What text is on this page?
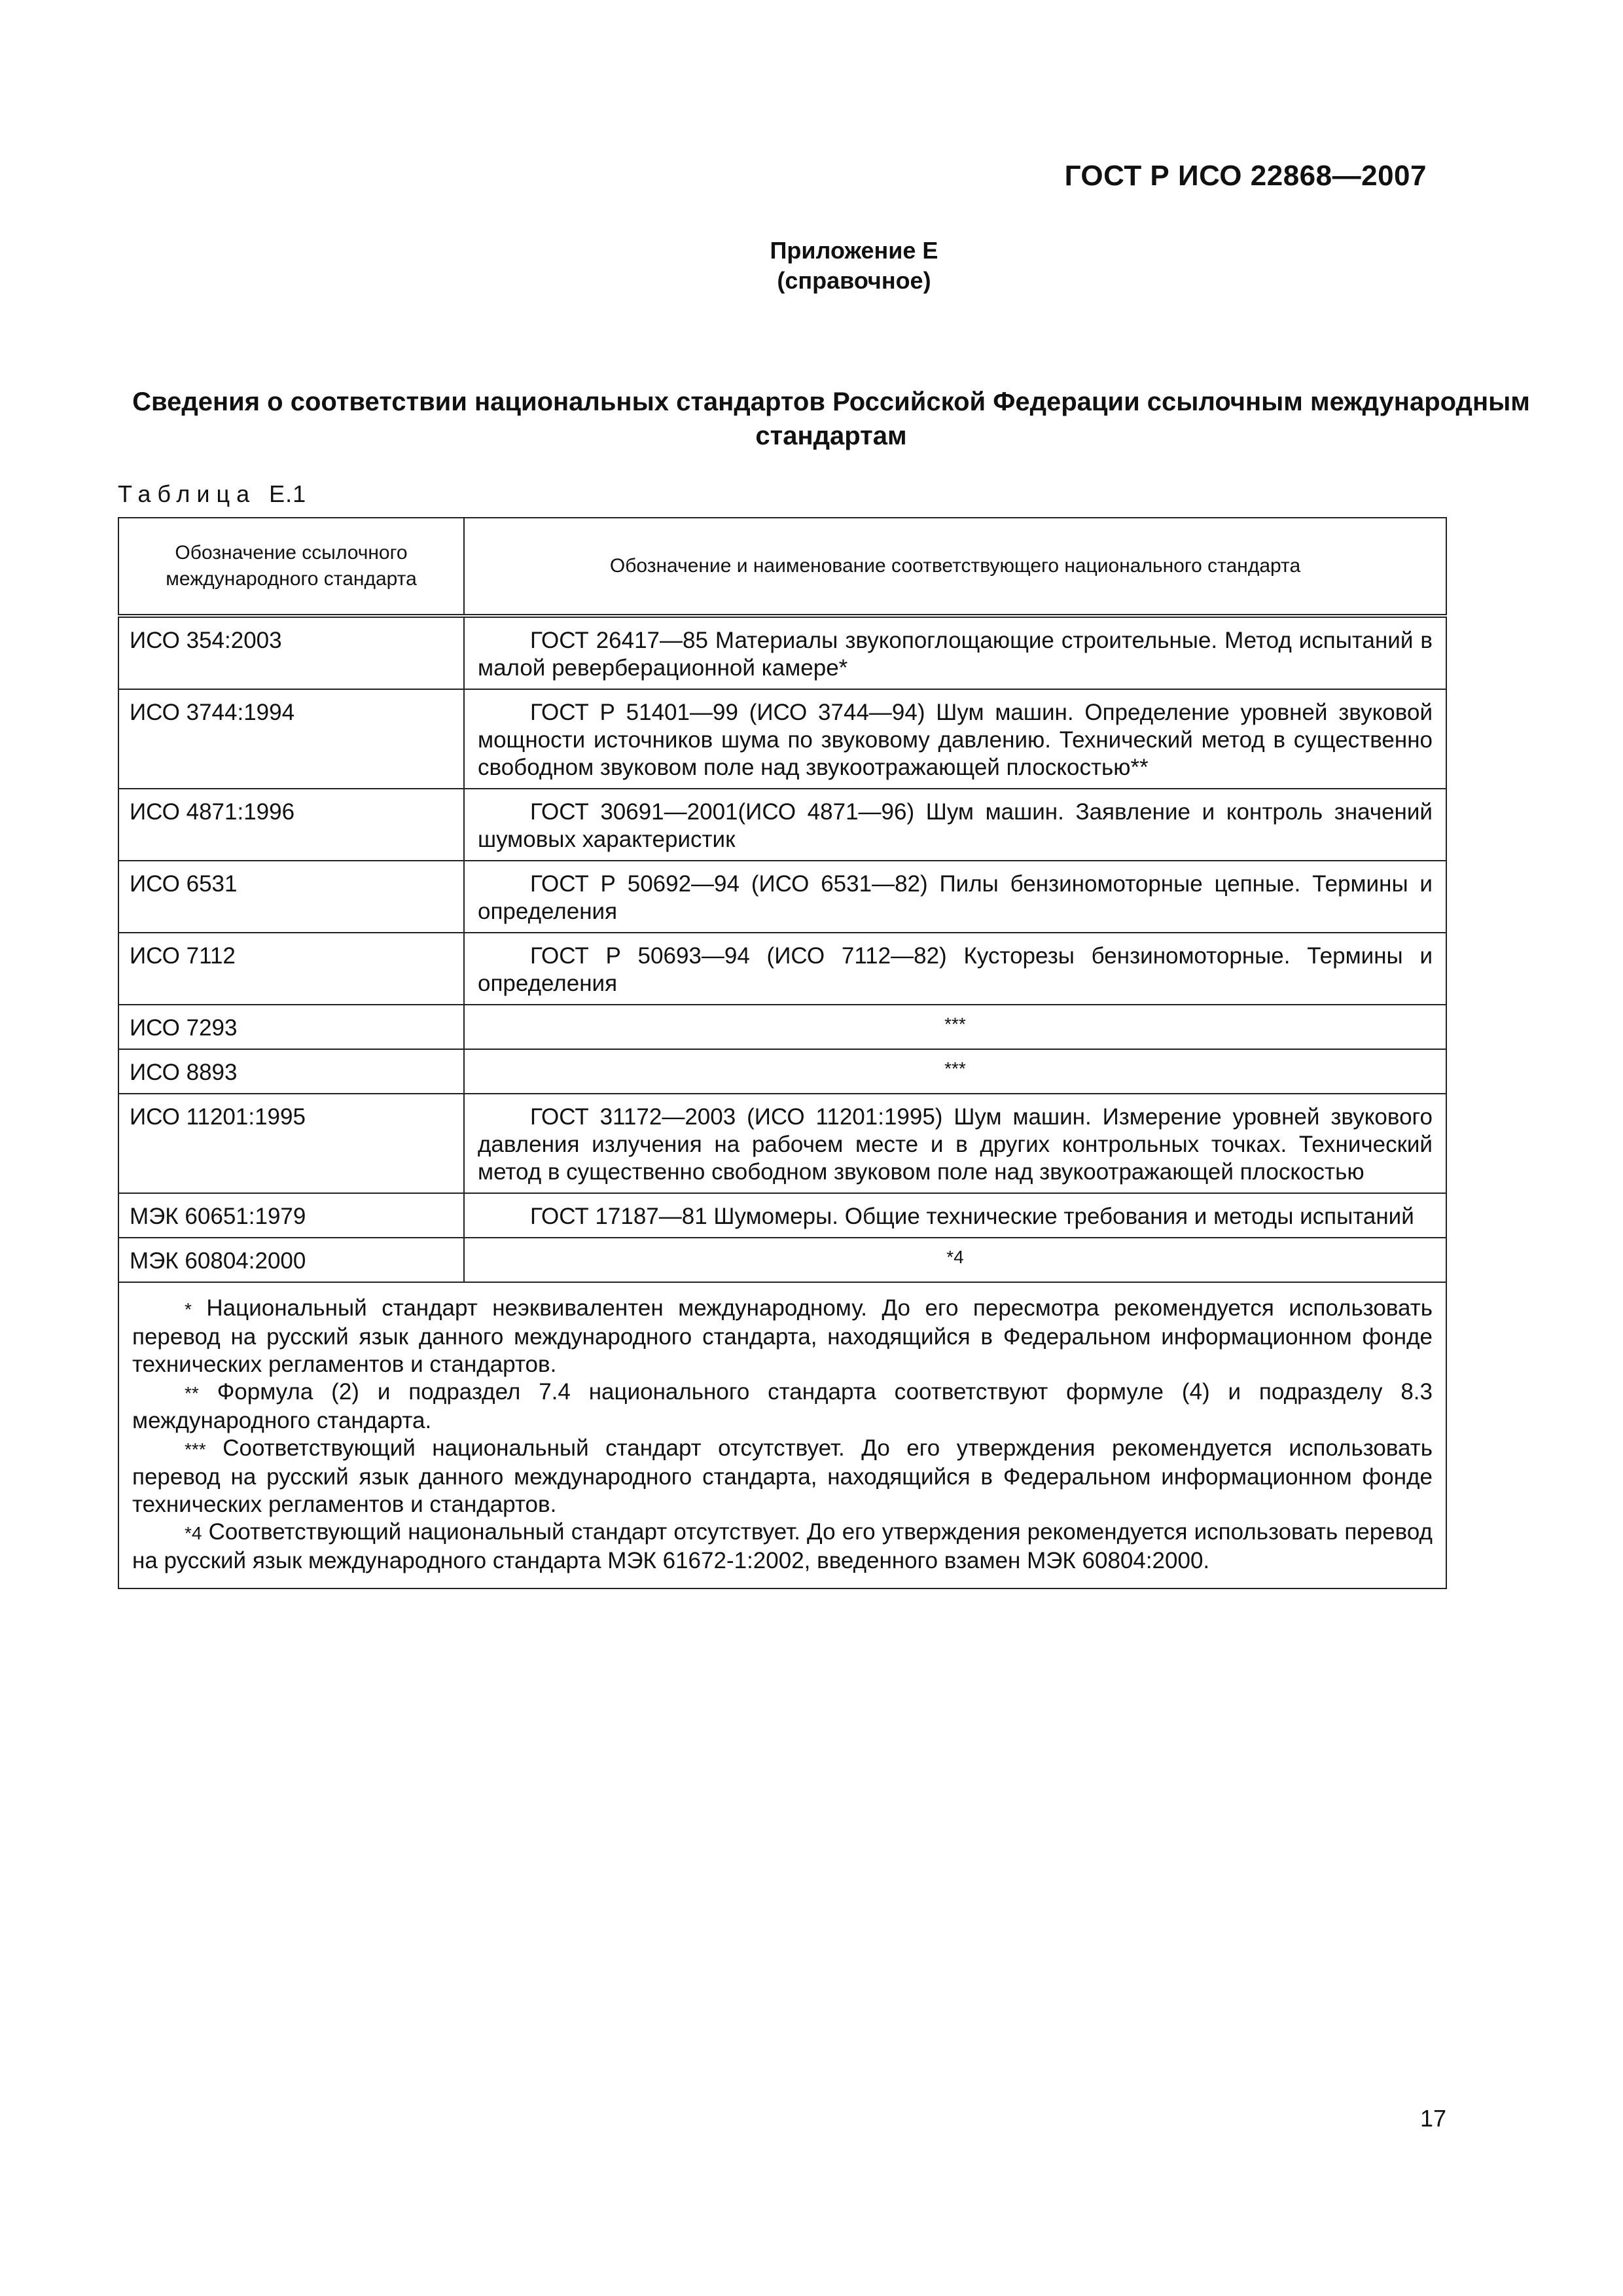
ГОСТ Р ИСО 22868—2007
Приложение Е
(справочное)
Сведения о соответствии национальных стандартов Российской Федерации ссылочным международным стандартам
Таблица Е.1
Обозначение ссылочного международного стандарта	Обозначение и наименование соответствующего национального стандарта
ИСО 354:2003	ГОСТ 26417—85 Материалы звукопоглощающие строительные. Метод испытаний в малой реверберационной камере*
ИСО 3744:1994	ГОСТ Р 51401—99 (ИСО 3744—94) Шум машин. Определение уровней звуковой мощности источников шума по звуковому давлению. Технический метод в существенно свободном звуковом поле над звукоотражающей плоскостью**
ИСО 4871:1996	ГОСТ 30691—2001(ИСО 4871—96) Шум машин. Заявление и контроль значений шумовых характеристик
ИСО 6531	ГОСТ Р 50692—94 (ИСО 6531—82) Пилы бензиномоторные цепные. Термины и определения
ИСО 7112	ГОСТ Р 50693—94 (ИСО 7112—82) Кусторезы бензиномоторные. Термины и определения
ИСО 7293	***
ИСО 8893	***
ИСО 11201:1995	ГОСТ 31172—2003 (ИСО 11201:1995) Шум машин. Измерение уровней звукового давления излучения на рабочем месте и в других контрольных точках. Технический метод в существенно свободном звуковом поле над звукоотражающей плоскостью
МЭК 60651:1979	ГОСТ 17187—81 Шумомеры. Общие технические требования и методы испытаний
МЭК 60804:2000	*4

* Национальный стандарт неэквивалентен международному. До его пересмотра рекомендуется использовать перевод на русский язык данного международного стандарта, находящийся в Федеральном информационном фонде технических регламентов и стандартов.

** Формула (2) и подраздел 7.4 национального стандарта соответствуют формуле (4) и подразделу 8.3 международного стандарта.

*** Соответствующий национальный стандарт отсутствует. До его утверждения рекомендуется использовать перевод на русский язык данного международного стандарта, находящийся в Федеральном информационном фонде технических регламентов и стандартов.

*4 Соответствующий национальный стандарт отсутствует. До его утверждения рекомендуется использовать перевод на русский язык международного стандарта МЭК 61672-1:2002, введенного взамен МЭК 60804:2000.	

17
